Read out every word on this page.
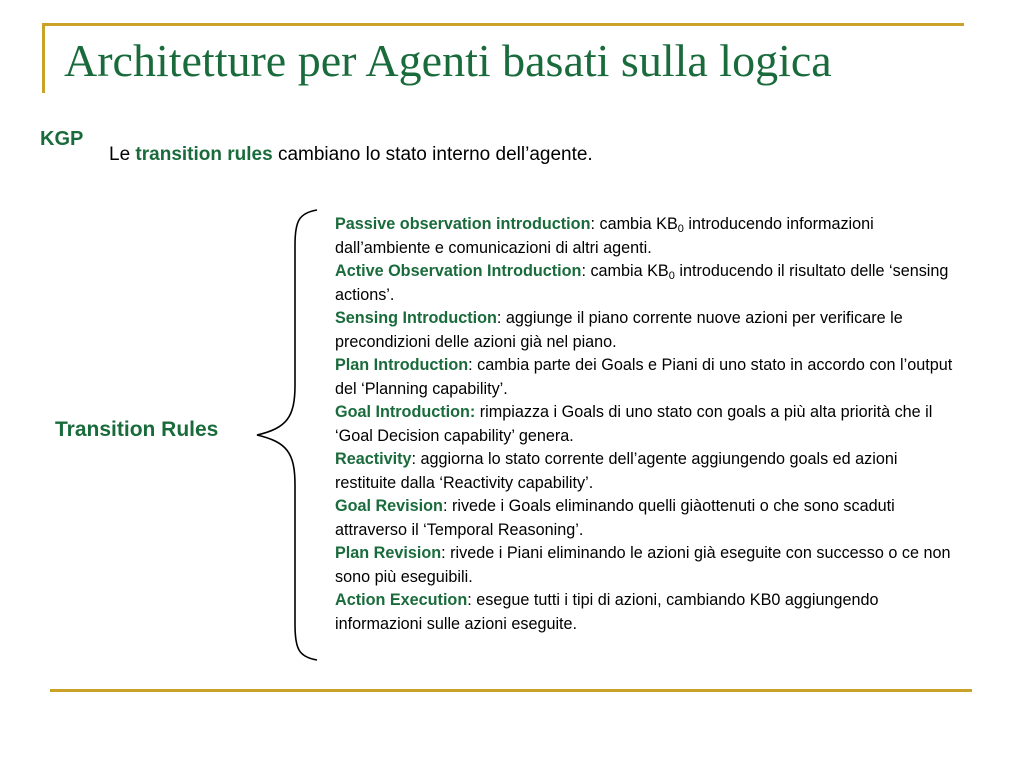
Architetture per Agenti basati sulla logica
KGP
Le transition rules cambiano lo stato interno dell’agente.
Transition Rules

Passive observation introduction: cambia $KB_0$ introducendo informazioni dall’ambiente e comunicazioni di altri agenti.

Active Observation Introduction: cambia $KB_0$ introducendo il risultato delle ‘sensing actions’.

Sensing Introduction: aggiunge il piano corrente nuove azioni per verificare le precondizioni delle azioni già nel piano.

Plan Introduction: cambia parte dei Goals e Piani di uno stato in accordo con l’output del ‘Planning capability’.

Goal Introduction: rimpiazza i Goals di uno stato con goals a più alta priorità che il ‘Goal Decision capability’ genera.

Reactivity: aggiorna lo stato corrente dell’agente aggiungendo goals ed azioni restituite dalla ‘Reactivity capability’.

Goal Revision: rivede i Goals eliminando quelli giàottenuti o che sono scaduti attraverso il ‘Temporal Reasoning’.

Plan Revision: rivede i Piani eliminando le azioni già eseguite con successo o ce non sono più eseguibili.

Action Execution: esegue tutti i tipi di azioni, cambiando KB0 aggiungendo informazioni sulle azioni eseguite.
